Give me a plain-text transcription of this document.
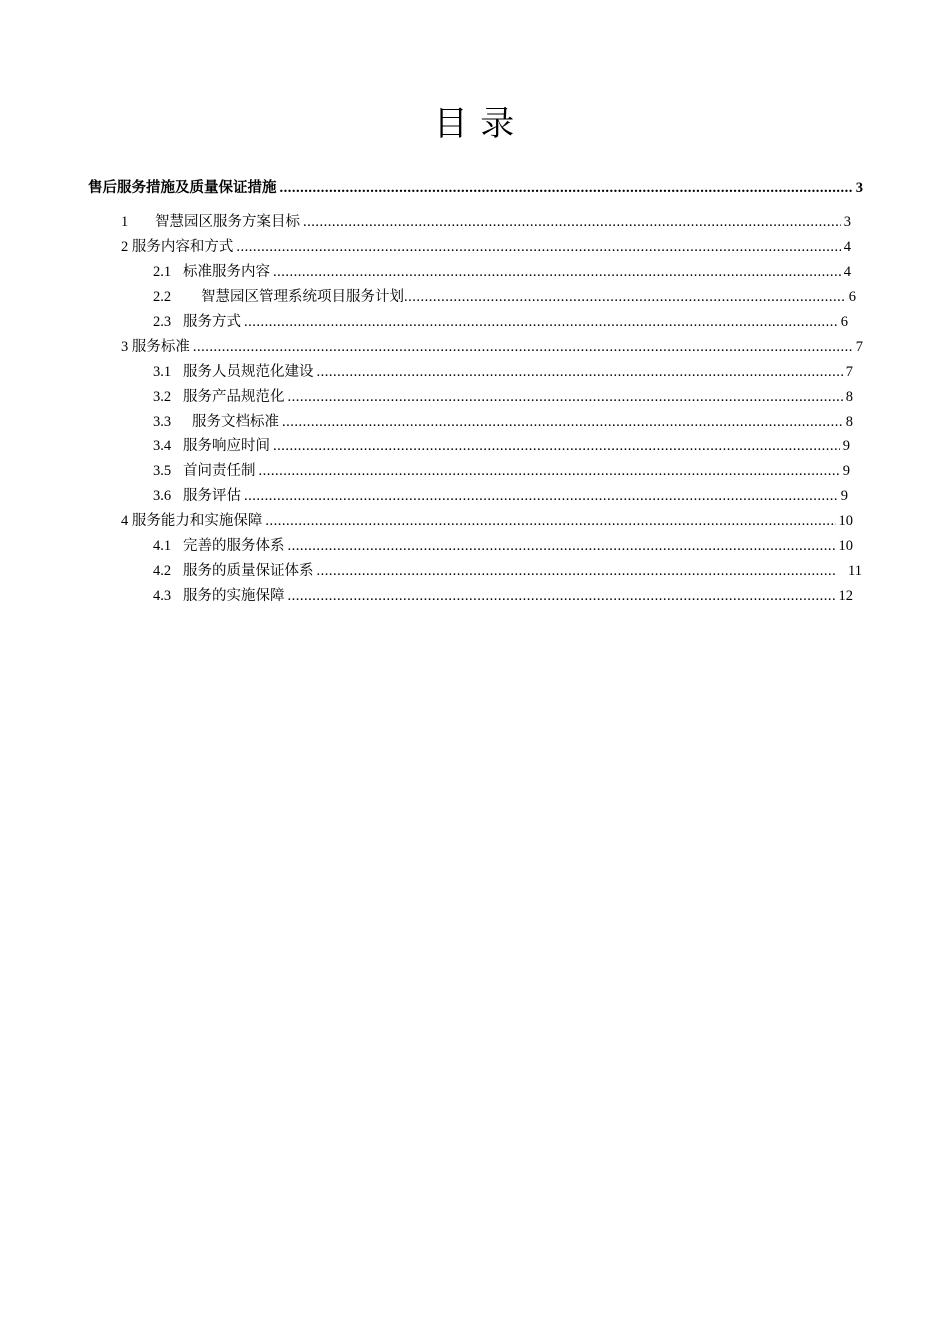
目 录
售后服务措施及质量保证措施 .....	3
1	智慧园区服务方案目标 .....	3
2 服务内容和方式 .....	4
2.1 标准服务内容 .....	4
2.2	智慧园区管理系统项目服务计划 .....	6
2.3 服务方式 .....	6
3 服务标准 .....	7
3.1 服务人员规范化建设 .....	7
3.2 服务产品规范化 .....	8
3.3	服务文档标准 .....	8
3.4 服务响应时间 .....	9
3.5 首问责任制 .....	9
3.6 服务评估 .....	9
4 服务能力和实施保障 .....	10
4.1 完善的服务体系 .....	10
4.2 服务的质量保证体系 .....	11
4.3 服务的实施保障 .....	12
